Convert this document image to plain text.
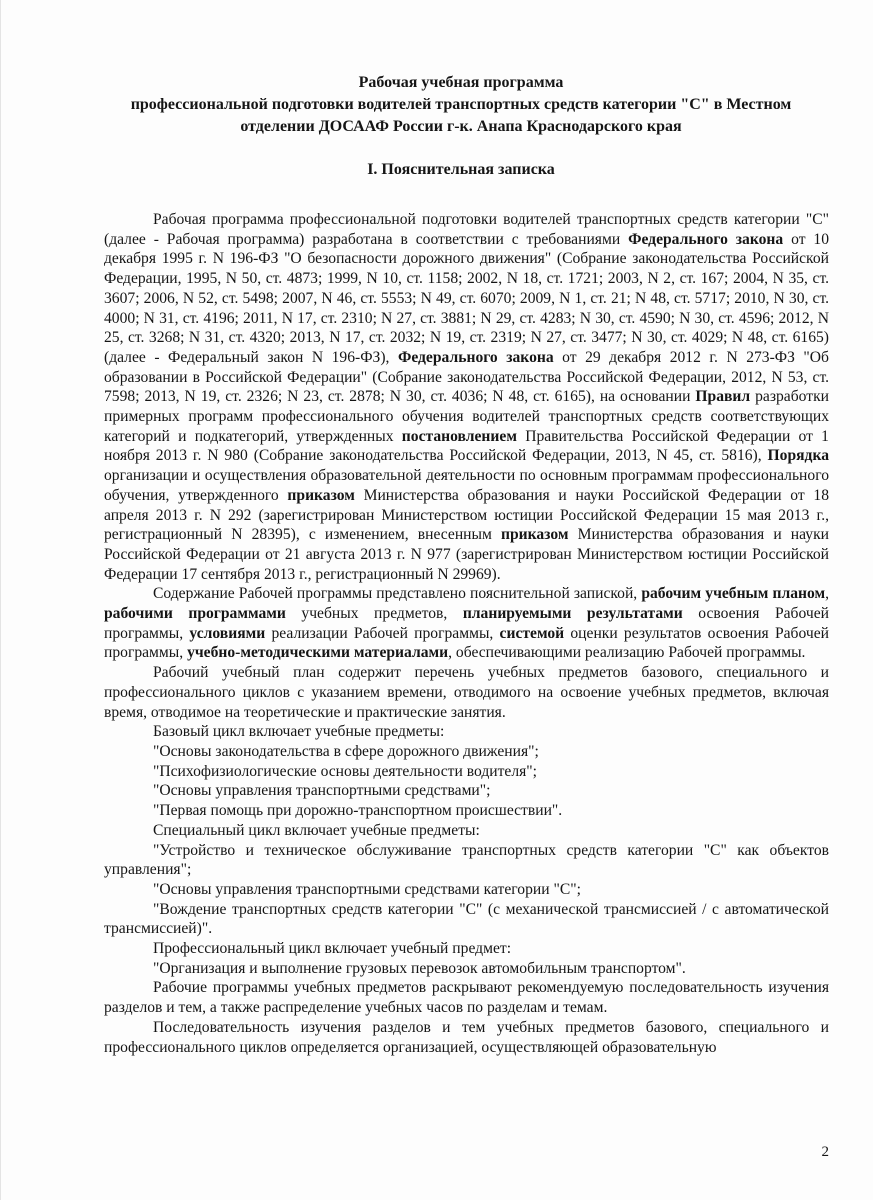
Рабочая учебная программа
профессиональной подготовки водителей транспортных средств категории "С" в Местном
отделении ДОСААФ России г-к. Анапа Краснодарского края
I. Пояснительная записка

Рабочая программа профессиональной подготовки водителей транспортных средств категории "С" (далее - Рабочая программа) разработана в соответствии с требованиями Федерального закона от 10 декабря 1995 г. N 196-ФЗ "О безопасности дорожного движения" (Собрание законодательства Российской Федерации, 1995, N 50, ст. 4873; 1999, N 10, ст. 1158; 2002, N 18, ст. 1721; 2003, N 2, ст. 167; 2004, N 35, ст. 3607; 2006, N 52, ст. 5498; 2007, N 46, ст. 5553; N 49, ст. 6070; 2009, N 1, ст. 21; N 48, ст. 5717; 2010, N 30, ст. 4000; N 31, ст. 4196; 2011, N 17, ст. 2310; N 27, ст. 3881; N 29, ст. 4283; N 30, ст. 4590; N 30, ст. 4596; 2012, N 25, ст. 3268; N 31, ст. 4320; 2013, N 17, ст. 2032; N 19, ст. 2319; N 27, ст. 3477; N 30, ст. 4029; N 48, ст. 6165) (далее - Федеральный закон N 196-ФЗ), Федерального закона от 29 декабря 2012 г. N 273-ФЗ "Об образовании в Российской Федерации" (Собрание законодательства Российской Федерации, 2012, N 53, ст. 7598; 2013, N 19, ст. 2326; N 23, ст. 2878; N 30, ст. 4036; N 48, ст. 6165), на основании Правил разработки примерных программ профессионального обучения водителей транспортных средств соответствующих категорий и подкатегорий, утвержденных постановлением Правительства Российской Федерации от 1 ноября 2013 г. N 980 (Собрание законодательства Российской Федерации, 2013, N 45, ст. 5816), Порядка организации и осуществления образовательной деятельности по основным программам профессионального обучения, утвержденного приказом Министерства образования и науки Российской Федерации от 18 апреля 2013 г. N 292 (зарегистрирован Министерством юстиции Российской Федерации 15 мая 2013 г., регистрационный N 28395), с изменением, внесенным приказом Министерства образования и науки Российской Федерации от 21 августа 2013 г. N 977 (зарегистрирован Министерством юстиции Российской Федерации 17 сентября 2013 г., регистрационный N 29969).

Содержание Рабочей программы представлено пояснительной запиской, рабочим учебным планом, рабочими программами учебных предметов, планируемыми результатами освоения Рабочей программы, условиями реализации Рабочей программы, системой оценки результатов освоения Рабочей программы, учебно-методическими материалами, обеспечивающими реализацию Рабочей программы.

Рабочий учебный план содержит перечень учебных предметов базового, специального и профессионального циклов с указанием времени, отводимого на освоение учебных предметов, включая время, отводимое на теоретические и практические занятия.

Базовый цикл включает учебные предметы:

"Основы законодательства в сфере дорожного движения";

"Психофизиологические основы деятельности водителя";

"Основы управления транспортными средствами";

"Первая помощь при дорожно-транспортном происшествии".

Специальный цикл включает учебные предметы:

"Устройство и техническое обслуживание транспортных средств категории "С" как объектов управления";

"Основы управления транспортными средствами категории "С";

"Вождение транспортных средств категории "С" (с механической трансмиссией / с автоматической трансмиссией)".

Профессиональный цикл включает учебный предмет:

"Организация и выполнение грузовых перевозок автомобильным транспортом".

Рабочие программы учебных предметов раскрывают рекомендуемую последовательность изучения разделов и тем, а также распределение учебных часов по разделам и темам.

Последовательность изучения разделов и тем учебных предметов базового, специального и профессионального циклов определяется организацией, осуществляющей образовательную

2
